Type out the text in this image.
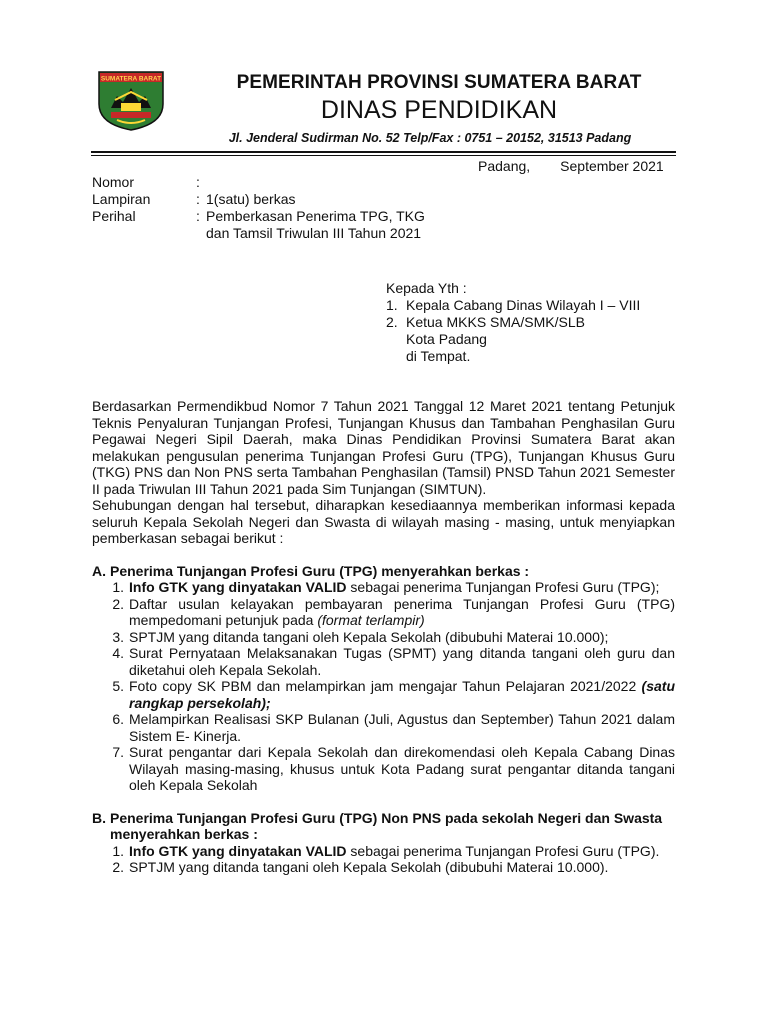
SUMATERA BARAT	PEMERINTAH PROVINSI SUMATERA BARAT
DINAS PENDIDIKAN
Jl. Jenderal Sudirman No. 52 Telp/Fax : 0751 – 20152, 31513 Padang
Padang, September 2021
Nomor	:
Lampiran	: 1(satu) berkas
Perihal	: Pemberkasan Penerima TPG, TKG
dan Tamsil Triwulan III Tahun 2021
Kepada Yth :
1. Kepala Cabang Dinas Wilayah I – VIII
2. Ketua MKKS SMA/SMK/SLB
Kota Padang
di Tempat.

Berdasarkan Permendikbud Nomor 7 Tahun 2021 Tanggal 12 Maret 2021 tentang Petunjuk Teknis Penyaluran Tunjangan Profesi, Tunjangan Khusus dan Tambahan Penghasilan Guru Pegawai Negeri Sipil Daerah, maka Dinas Pendidikan Provinsi Sumatera Barat akan melakukan pengusulan penerima Tunjangan Profesi Guru (TPG), Tunjangan Khusus Guru (TKG) PNS dan Non PNS serta Tambahan Penghasilan (Tamsil) PNSD Tahun 2021 Semester II pada Triwulan III Tahun 2021 pada Sim Tunjangan (SIMTUN).

Sehubungan dengan hal tersebut, diharapkan kesediaannya memberikan informasi kepada seluruh Kepala Sekolah Negeri dan Swasta di wilayah masing - masing, untuk menyiapkan pemberkasan sebagai berikut :

A. Penerima Tunjangan Profesi Guru (TPG) menyerahkan berkas :
1. Info GTK yang dinyatakan VALID sebagai penerima Tunjangan Profesi Guru (TPG);
2. Daftar usulan kelayakan pembayaran penerima Tunjangan Profesi Guru (TPG) mempedomani petunjuk pada (format terlampir)
3. SPTJM yang ditanda tangani oleh Kepala Sekolah (dibubuhi Materai 10.000);
4. Surat Pernyataan Melaksanakan Tugas (SPMT) yang ditanda tangani oleh guru dan diketahui oleh Kepala Sekolah.
5. Foto copy SK PBM dan melampirkan jam mengajar Tahun Pelajaran 2021/2022 (satu rangkap persekolah);
6. Melampirkan Realisasi SKP Bulanan (Juli, Agustus dan September) Tahun 2021 dalam Sistem E- Kinerja.
7. Surat pengantar dari Kepala Sekolah dan direkomendasi oleh Kepala Cabang Dinas Wilayah masing-masing, khusus untuk Kota Padang surat pengantar ditanda tangani oleh Kepala Sekolah
B. Penerima Tunjangan Profesi Guru (TPG) Non PNS pada sekolah Negeri dan Swasta menyerahkan berkas :
1. Info GTK yang dinyatakan VALID sebagai penerima Tunjangan Profesi Guru (TPG).
2. SPTJM yang ditanda tangani oleh Kepala Sekolah (dibubuhi Materai 10.000).
